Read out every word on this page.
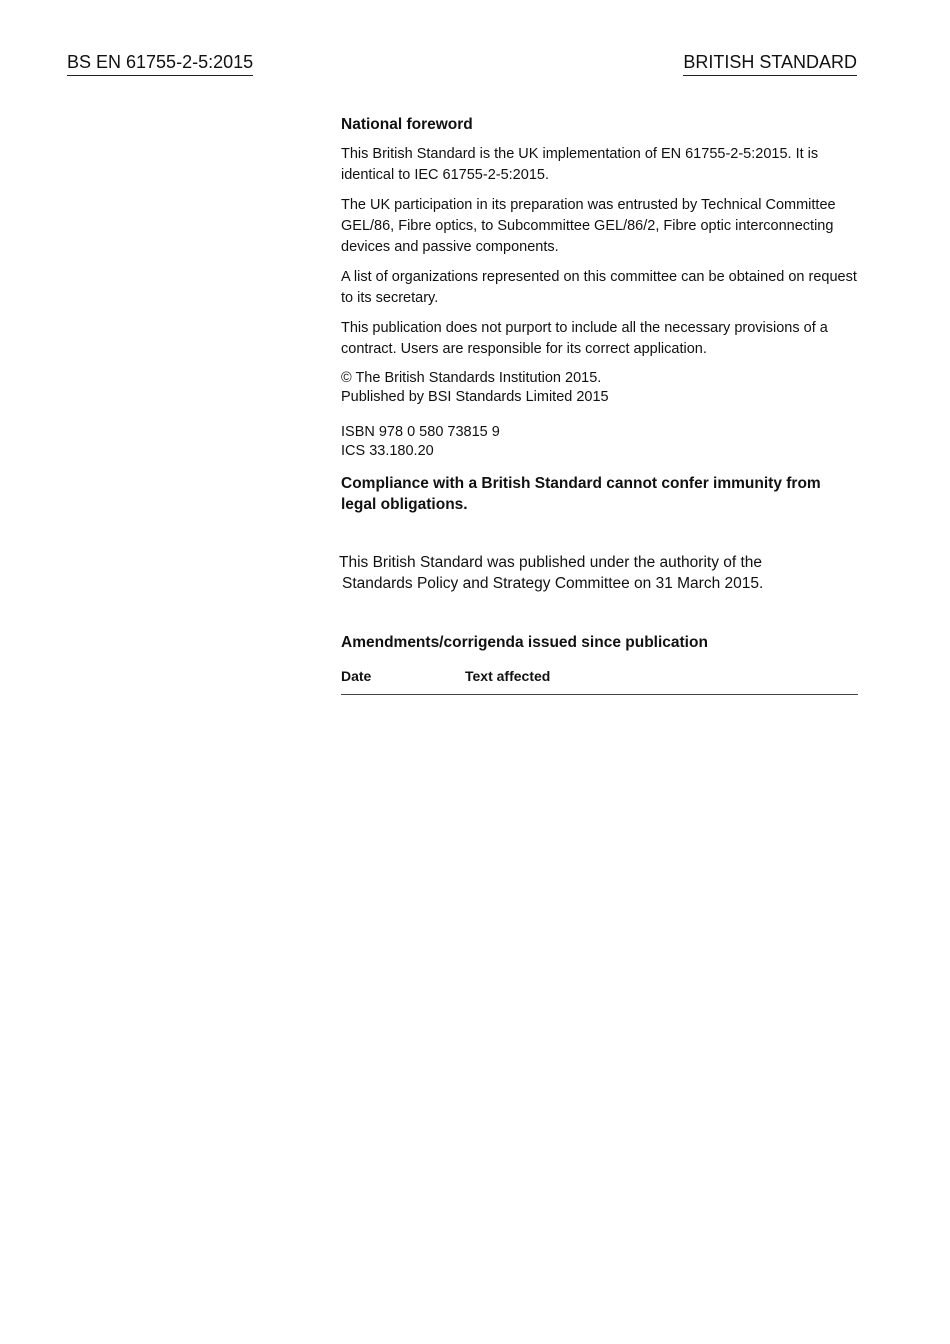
BS EN 61755-2-5:2015	BRITISH STANDARD
National foreword
This British Standard is the UK implementation of EN 61755-2-5:2015. It is identical to IEC 61755-2-5:2015.
The UK participation in its preparation was entrusted by Technical Committee GEL/86, Fibre optics, to Subcommittee GEL/86/2, Fibre optic interconnecting devices and passive components.
A list of organizations represented on this committee can be obtained on request to its secretary.
This publication does not purport to include all the necessary provisions of a contract. Users are responsible for its correct application.
© The British Standards Institution 2015.
Published by BSI Standards Limited 2015
ISBN 978 0 580 73815 9
ICS 33.180.20
Compliance with a British Standard cannot confer immunity from legal obligations.
This British Standard was published under the authority of the
Standards Policy and Strategy Committee on 31 March 2015.
Amendments/corrigenda issued since publication
Date	Text affected
